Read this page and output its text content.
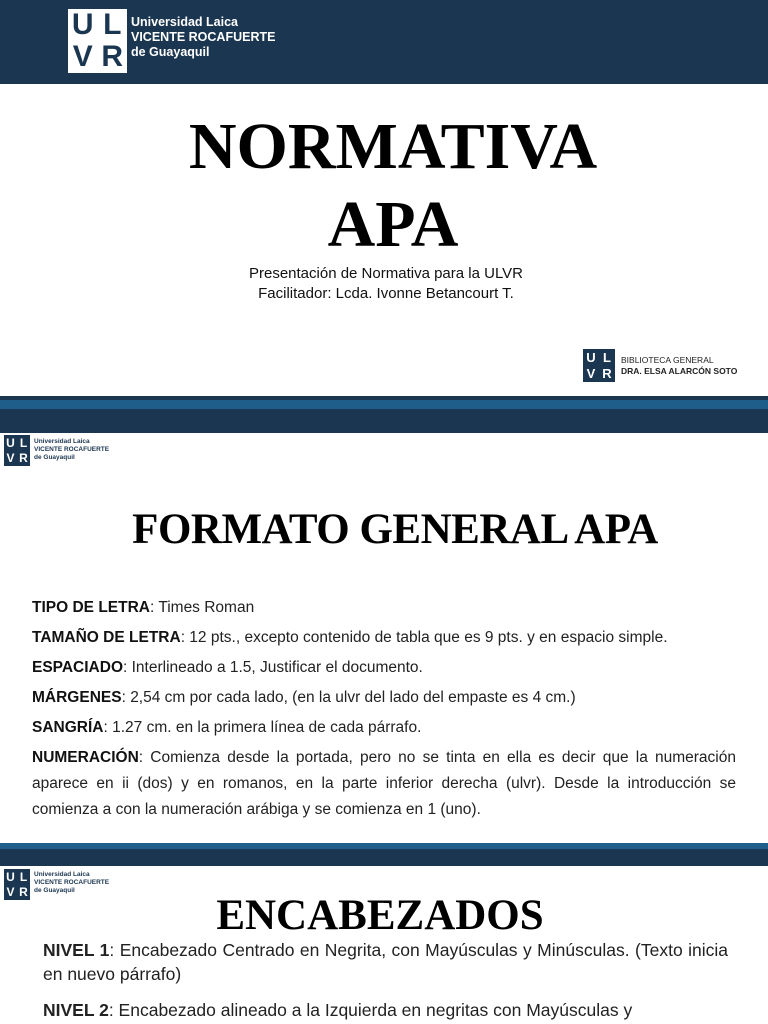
U L
V R
Universidad Laica
VICENTE ROCAFUERTE
de Guayaquil
NORMATIVA
APA
Presentación de Normativa para la ULVR
Facilitador: Lcda. Ivonne Betancourt T.
U L
V R
BIBLIOTECA GENERAL
DRA. ELSA ALARCÓN SOTO
U L
V R
Universidad Laica
VICENTE ROCAFUERTE
de Guayaquil
FORMATO GENERAL APA

TIPO DE LETRA: Times Roman

TAMAÑO DE LETRA: 12 pts., excepto contenido de tabla que es 9 pts. y en espacio simple.

ESPACIADO: Interlineado a 1.5, Justificar el documento.

MÁRGENES: 2,54 cm por cada lado, (en la ulvr del lado del empaste es 4 cm.)

SANGRÍA: 1.27 cm. en la primera línea de cada párrafo.

NUMERACIÓN: Comienza desde la portada, pero no se tinta en ella es decir que la numeración aparece en ii (dos) y en romanos, en la parte inferior derecha (ulvr). Desde la introducción se comienza a con la numeración arábiga y se comienza en 1 (uno).

U L
V R
Universidad Laica
VICENTE ROCAFUERTE
de Guayaquil
ENCABEZADOS

NIVEL 1: Encabezado Centrado en Negrita, con Mayúsculas y Minúsculas. (Texto inicia en nuevo párrafo)

NIVEL 2: Encabezado alineado a la Izquierda en negritas con Mayúsculas y
